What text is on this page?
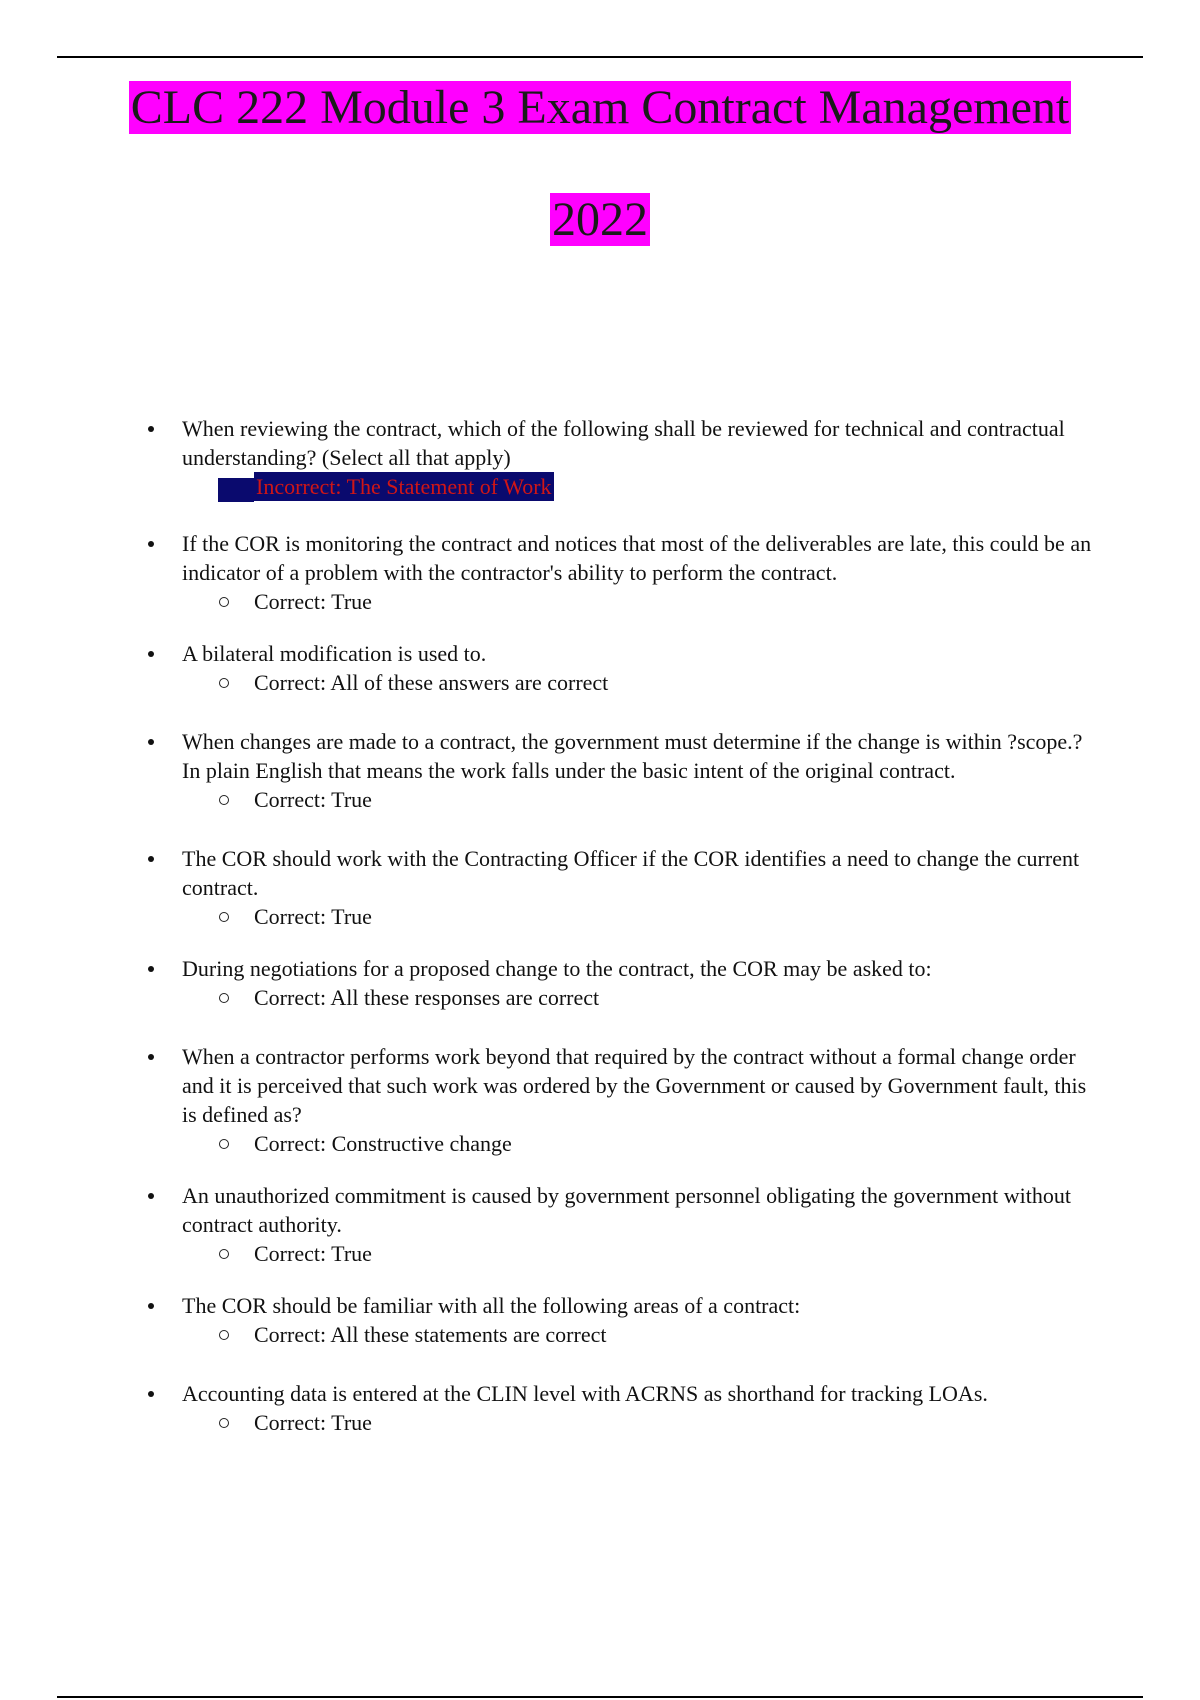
CLC 222 Module 3 Exam Contract Management
2022
When reviewing the contract, which of the following shall be reviewed for technical and contractual understanding? (Select all that apply)
Incorrect: The Statement of Work
If the COR is monitoring the contract and notices that most of the deliverables are late, this could be an indicator of a problem with the contractor's ability to perform the contract.
Correct: True
A bilateral modification is used to.
Correct: All of these answers are correct
When changes are made to a contract, the government must determine if the change is within ?scope.? In plain English that means the work falls under the basic intent of the original contract.
Correct: True
The COR should work with the Contracting Officer if the COR identifies a need to change the current contract.
Correct: True
During negotiations for a proposed change to the contract, the COR may be asked to:
Correct: All these responses are correct
When a contractor performs work beyond that required by the contract without a formal change order and it is perceived that such work was ordered by the Government or caused by Government fault, this is defined as?
Correct: Constructive change
An unauthorized commitment is caused by government personnel obligating the government without contract authority.
Correct: True
The COR should be familiar with all the following areas of a contract:
Correct: All these statements are correct
Accounting data is entered at the CLIN level with ACRNS as shorthand for tracking LOAs.
Correct: True
